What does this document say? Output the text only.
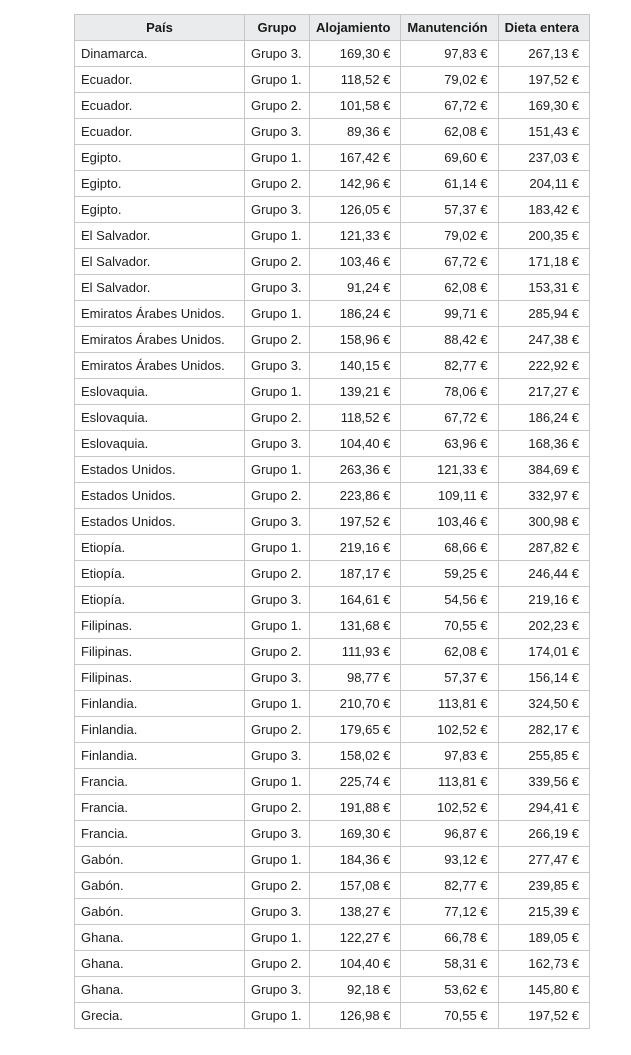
País	Grupo	Alojamiento	Manutención	Dieta entera
Dinamarca.	Grupo 3.	169,30 €	97,83 €	267,13 €
Ecuador.	Grupo 1.	118,52 €	79,02 €	197,52 €
Ecuador.	Grupo 2.	101,58 €	67,72 €	169,30 €
Ecuador.	Grupo 3.	89,36 €	62,08 €	151,43 €
Egipto.	Grupo 1.	167,42 €	69,60 €	237,03 €
Egipto.	Grupo 2.	142,96 €	61,14 €	204,11 €
Egipto.	Grupo 3.	126,05 €	57,37 €	183,42 €
El Salvador.	Grupo 1.	121,33 €	79,02 €	200,35 €
El Salvador.	Grupo 2.	103,46 €	67,72 €	171,18 €
El Salvador.	Grupo 3.	91,24 €	62,08 €	153,31 €
Emiratos Árabes Unidos.	Grupo 1.	186,24 €	99,71 €	285,94 €
Emiratos Árabes Unidos.	Grupo 2.	158,96 €	88,42 €	247,38 €
Emiratos Árabes Unidos.	Grupo 3.	140,15 €	82,77 €	222,92 €
Eslovaquia.	Grupo 1.	139,21 €	78,06 €	217,27 €
Eslovaquia.	Grupo 2.	118,52 €	67,72 €	186,24 €
Eslovaquia.	Grupo 3.	104,40 €	63,96 €	168,36 €
Estados Unidos.	Grupo 1.	263,36 €	121,33 €	384,69 €
Estados Unidos.	Grupo 2.	223,86 €	109,11 €	332,97 €
Estados Unidos.	Grupo 3.	197,52 €	103,46 €	300,98 €
Etiopía.	Grupo 1.	219,16 €	68,66 €	287,82 €
Etiopía.	Grupo 2.	187,17 €	59,25 €	246,44 €
Etiopía.	Grupo 3.	164,61 €	54,56 €	219,16 €
Filipinas.	Grupo 1.	131,68 €	70,55 €	202,23 €
Filipinas.	Grupo 2.	111,93 €	62,08 €	174,01 €
Filipinas.	Grupo 3.	98,77 €	57,37 €	156,14 €
Finlandia.	Grupo 1.	210,70 €	113,81 €	324,50 €
Finlandia.	Grupo 2.	179,65 €	102,52 €	282,17 €
Finlandia.	Grupo 3.	158,02 €	97,83 €	255,85 €
Francia.	Grupo 1.	225,74 €	113,81 €	339,56 €
Francia.	Grupo 2.	191,88 €	102,52 €	294,41 €
Francia.	Grupo 3.	169,30 €	96,87 €	266,19 €
Gabón.	Grupo 1.	184,36 €	93,12 €	277,47 €
Gabón.	Grupo 2.	157,08 €	82,77 €	239,85 €
Gabón.	Grupo 3.	138,27 €	77,12 €	215,39 €
Ghana.	Grupo 1.	122,27 €	66,78 €	189,05 €
Ghana.	Grupo 2.	104,40 €	58,31 €	162,73 €
Ghana.	Grupo 3.	92,18 €	53,62 €	145,80 €
Grecia.	Grupo 1.	126,98 €	70,55 €	197,52 €
